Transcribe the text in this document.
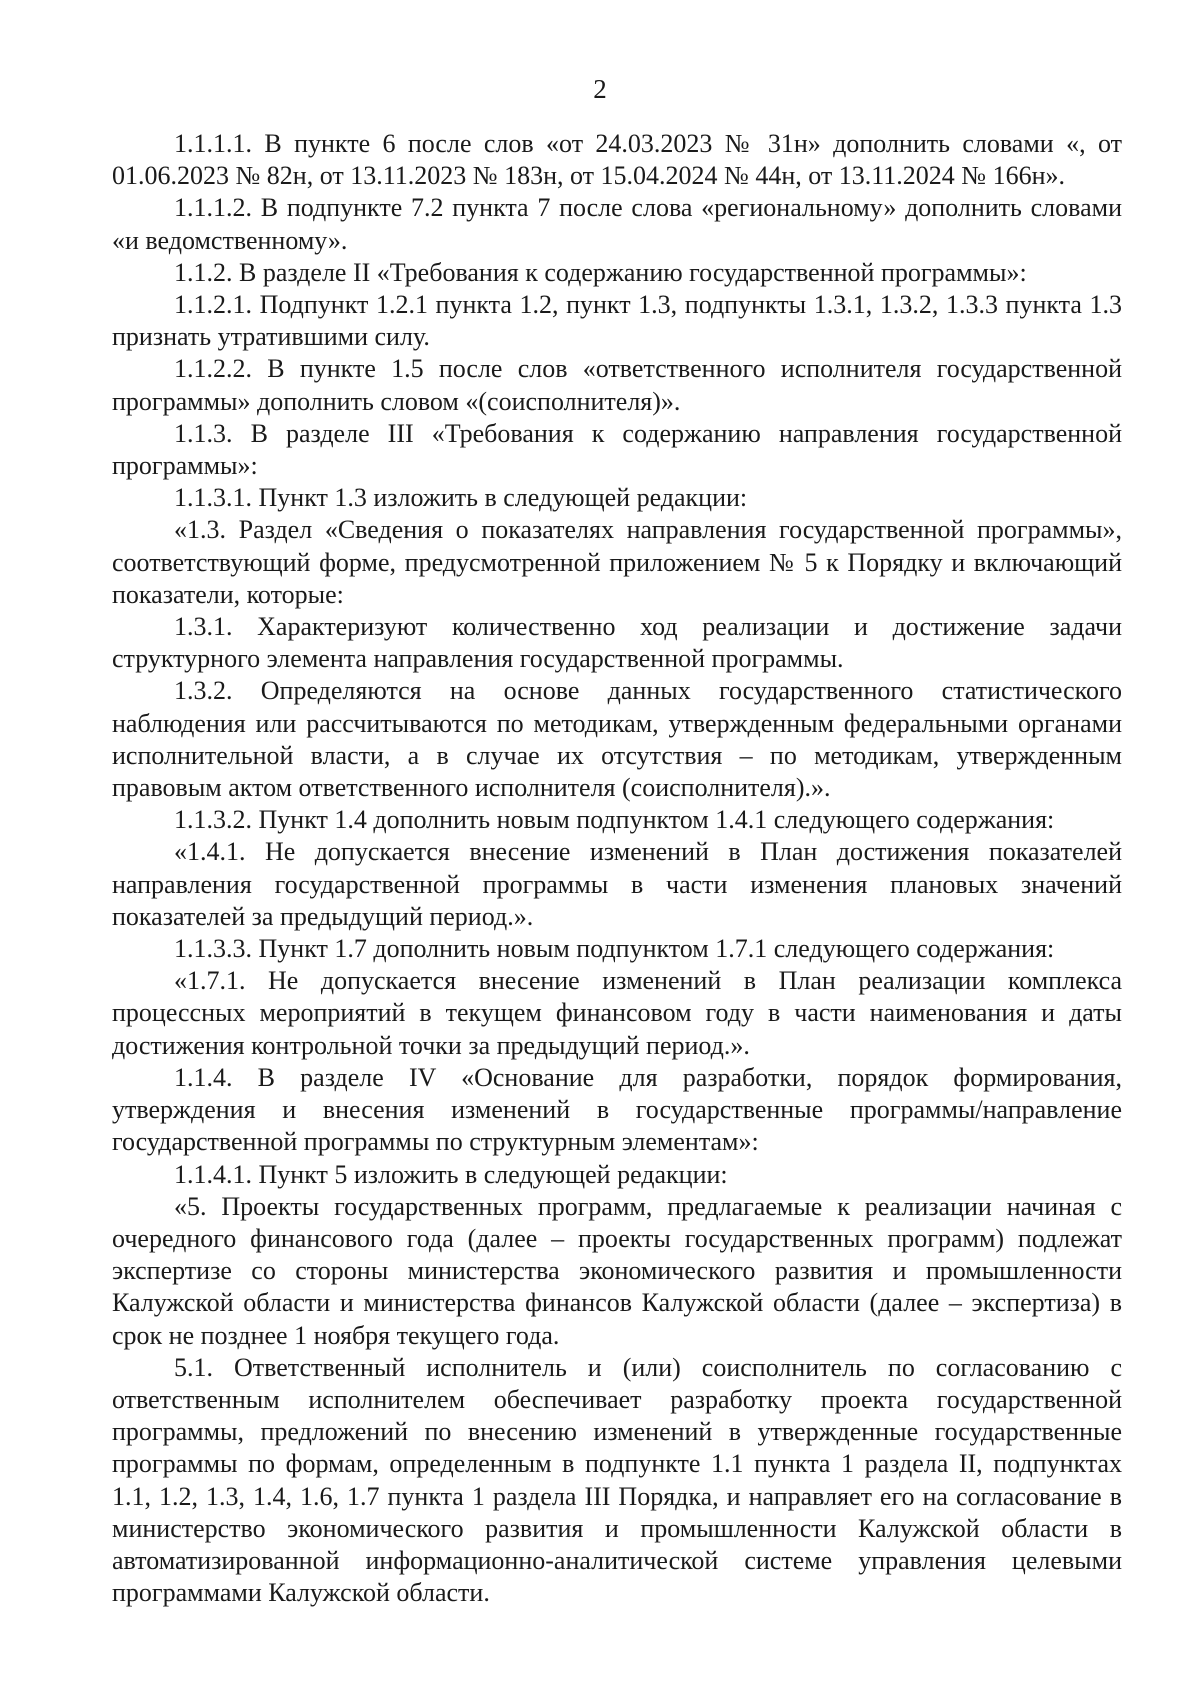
2

1.1.1.1. В пункте 6 после слов «от 24.03.2023 № 31н» дополнить словами «, от 01.06.2023 № 82н, от 13.11.2023 № 183н, от 15.04.2024 № 44н, от 13.11.2024 № 166н».

1.1.1.2. В подпункте 7.2 пункта 7 после слова «региональному» дополнить словами «и ведомственному».

1.1.2. В разделе II «Требования к содержанию государственной программы»:

1.1.2.1. Подпункт 1.2.1 пункта 1.2, пункт 1.3, подпункты 1.3.1, 1.3.2, 1.3.3 пункта 1.3 признать утратившими силу.

1.1.2.2. В пункте 1.5 после слов «ответственного исполнителя государственной программы» дополнить словом «(соисполнителя)».

1.1.3. В разделе III «Требования к содержанию направления государственной программы»:

1.1.3.1. Пункт 1.3 изложить в следующей редакции:

«1.3. Раздел «Сведения о показателях направления государственной программы», соответствующий форме, предусмотренной приложением № 5 к Порядку и включающий показатели, которые:

1.3.1. Характеризуют количественно ход реализации и достижение задачи структурного элемента направления государственной программы.

1.3.2. Определяются на основе данных государственного статистического наблюдения или рассчитываются по методикам, утвержденным федеральными органами исполнительной власти, а в случае их отсутствия – по методикам, утвержденным правовым актом ответственного исполнителя (соисполнителя).».

1.1.3.2. Пункт 1.4 дополнить новым подпунктом 1.4.1 следующего содержания:

«1.4.1. Не допускается внесение изменений в План достижения показателей направления государственной программы в части изменения плановых значений показателей за предыдущий период.».

1.1.3.3. Пункт 1.7 дополнить новым подпунктом 1.7.1 следующего содержания:

«1.7.1. Не допускается внесение изменений в План реализации комплекса процессных мероприятий в текущем финансовом году в части наименования и даты достижения контрольной точки за предыдущий период.».

1.1.4. В разделе IV «Основание для разработки, порядок формирования, утверждения и внесения изменений в государственные программы/направление государственной программы по структурным элементам»:

1.1.4.1. Пункт 5 изложить в следующей редакции:

«5. Проекты государственных программ, предлагаемые к реализации начиная с очередного финансового года (далее – проекты государственных программ) подлежат экспертизе со стороны министерства экономического развития и промышленности Калужской области и министерства финансов Калужской области (далее – экспертиза) в срок не позднее 1 ноября текущего года.

5.1. Ответственный исполнитель и (или) соисполнитель по согласованию с ответственным исполнителем обеспечивает разработку проекта государственной программы, предложений по внесению изменений в утвержденные государственные программы по формам, определенным в подпункте 1.1 пункта 1 раздела II, подпунктах 1.1, 1.2, 1.3, 1.4, 1.6, 1.7 пункта 1 раздела III Порядка, и направляет его на согласование в министерство экономического развития и промышленности Калужской области в автоматизированной информационно-аналитической системе управления целевыми программами Калужской области.
